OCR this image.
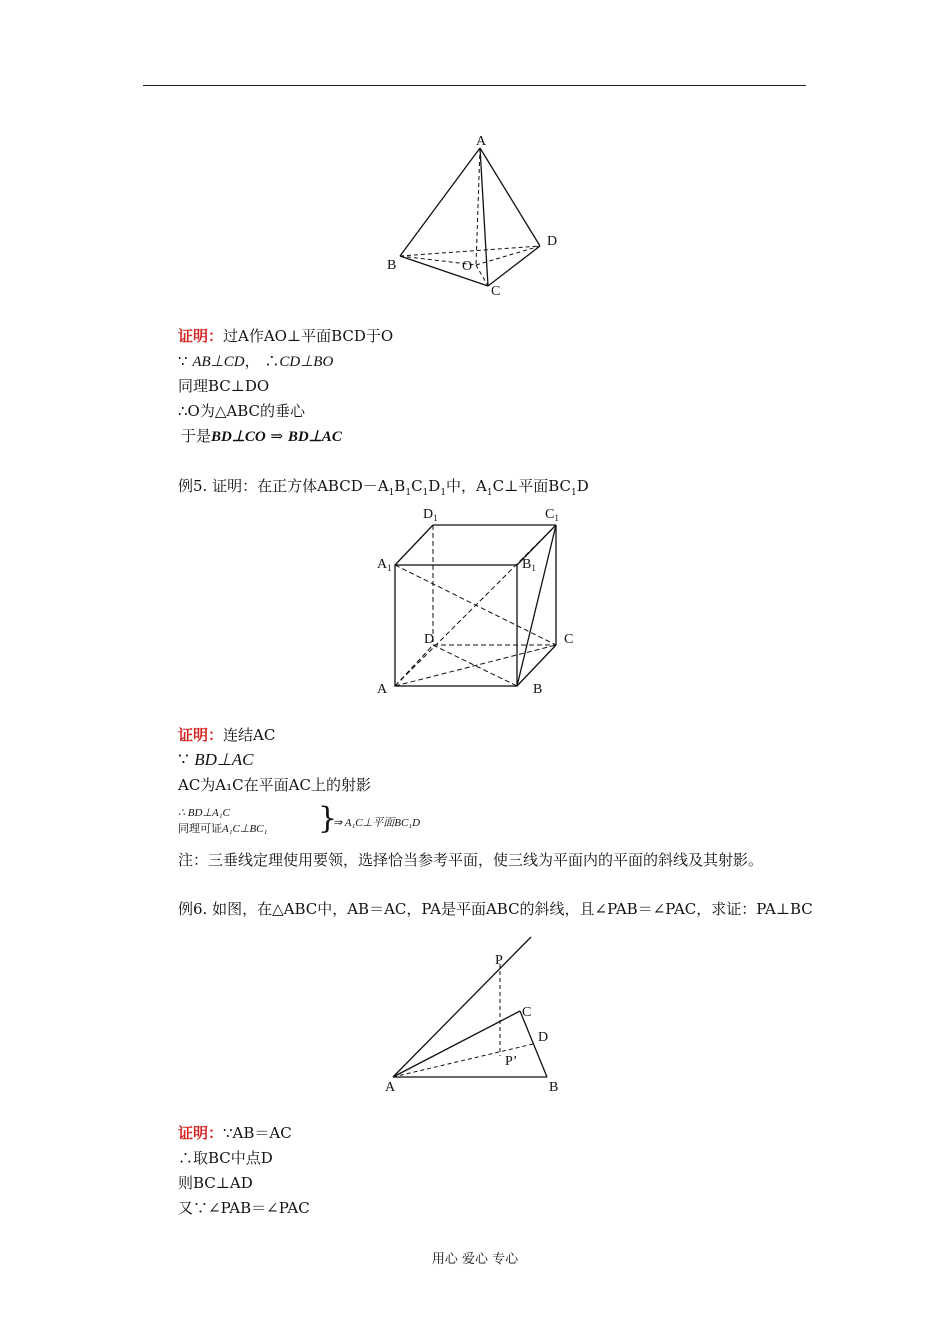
A
B
C
D
O
证明：过A作AO⊥平面BCD于O
∵ AB⊥CD， ∴CD⊥BO
同理BC⊥DO
∴O为△ABC的垂心
于是BD⊥CO ⇒ BD⊥AC
例5. 证明：在正方体$ABCD-A_1B_1C_1D_1$中，$A_1C\perp$平面$BC_1D$
$D_1$	$C_1$
$A_1$	$B_1$
D	C
A	B
证明：连结AC
∵ BD⊥AC
AC为A₁C在平面AC上的射影
∴ BD⊥A₁C
同理可证A₁C⊥BC₁ }
⇒ A₁C⊥平面BC₁D
注：三垂线定理使用要领，选择恰当参考平面，使三线为平面内的平面的斜线及其射影。
例6. 如图，在△ABC中，AB＝AC，PA是平面ABC的斜线，且∠PAB＝∠PAC，求证：PA⊥BC
P
C
D
P’
A	B
证明：∵AB＝AC
∴取BC中点D
则BC⊥AD
又∵∠PAB＝∠PAC
用心 爱心 专心
